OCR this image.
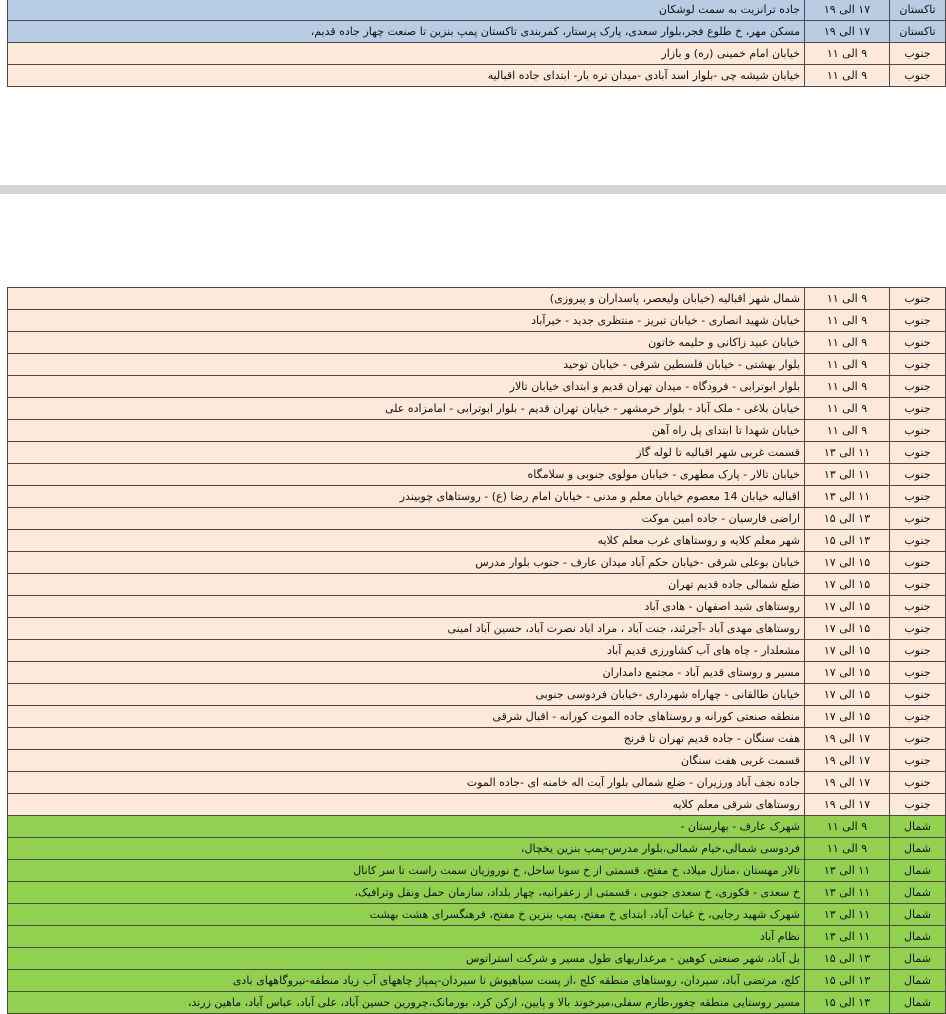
تاکستان	۱۷ الی ۱۹	جاده ترانزیت به سمت لوشکان
تاکستان	۱۷ الی ۱۹	مسکن مهر، خ طلوع فجر،بلوار سعدی، پارک پرستار، کمربندی تاکستان پمپ بنزین تا صنعت چهار جاده قدیم،
جنوب	۹ الی ۱۱	خیابان امام خمینی (ره) و بازار
جنوب	۹ الی ۱۱	خیابان شیشه چی -بلوار اسد آبادی -میدان تره بار- ابتدای جاده اقبالیه
جنوب	۹ الی ۱۱	شمال شهر اقبالیه (خیابان ولیعصر، پاسداران و پیروزی)
جنوب	۹ الی ۱۱	خیابان شهید انصاری - خیابان تبریز - منتظری جدید - خیرآباد
جنوب	۹ الی ۱۱	خیابان عبید زاکانی و حلیمه خاتون
جنوب	۹ الی ۱۱	بلوار بهشتی - خیابان فلسطین شرقی - خیابان توحید
جنوب	۹ الی ۱۱	بلوار ابوترابی - فرودگاه - میدان تهران قدیم و ابتدای خیابان تالار
جنوب	۹ الی ۱۱	خیابان بلاغی - ملک آباد - بلوار خرمشهر - خیابان تهران قدیم - بلوار ابوترابی - امامزاده علی
جنوب	۹ الی ۱۱	خیابان شهدا تا ابتدای پل راه آهن
جنوب	۱۱ الی ۱۳	قسمت غربی شهر اقبالیه تا لوله گاز
جنوب	۱۱ الی ۱۳	خیابان تالار - پارک مطهری - خیابان مولوی جنوبی و سلامگاه
جنوب	۱۱ الی ۱۳	اقبالیه خیابان 14 معصوم خیابان معلم و مدنی - خیابان امام رضا (ع) - روستاهای چوبیندر
جنوب	۱۳ الی ۱۵	اراضی فارسیان - جاده امین موکت
جنوب	۱۳ الی ۱۵	شهر معلم کلایه و روستاهای غرب معلم کلایه
جنوب	۱۵ الی ۱۷	خیابان بوعلی شرقی -خیابان حکم آباد میدان عارف - جنوب بلوار مدرس
جنوب	۱۵ الی ۱۷	ضلع شمالی جاده قدیم تهران
جنوب	۱۵ الی ۱۷	روستاهای شید اصفهان - هادی آباد
جنوب	۱۵ الی ۱۷	روستاهای مهدی آباد -آجرئند، جنت آباد ، مراد اباد نصرت آباد، حسین آباد امینی
جنوب	۱۵ الی ۱۷	مشعلدار - چاه های آب کشاورزی قدیم آباد
جنوب	۱۵ الی ۱۷	مسیر و روستای قدیم آباد - مجتمع دامداران
جنوب	۱۵ الی ۱۷	خیابان طالقانی - چهاراه شهرداری -خیابان فردوسی جنوبی
جنوب	۱۵ الی ۱۷	منطقه صنعتی کورانه و روستاهای جاده الموت کورانه - اقبال شرقی
جنوب	۱۷ الی ۱۹	هفت سنگان - جاده قدیم تهران تا فرنج
جنوب	۱۷ الی ۱۹	قسمت غربی هفت سنگان
جنوب	۱۷ الی ۱۹	جاده نجف آباد ورزیران - ضلع شمالی بلوار آیت اله خامنه ای -جاده الموت
جنوب	۱۷ الی ۱۹	روستاهای شرقی معلم کلایه
شمال	۹ الی ۱۱	شهرک عارف - بهارستان -
شمال	۹ الی ۱۱	فردوسی شمالی،خیام شمالی،بلوار مدرس-پمپ بنزین یخچال،
شمال	۱۱ الی ۱۳	تالار مهستان ،منازل میلاد، خ مفتح، قسمتی از خ سونا ساحل، خ نوروزیان سمت راست تا سر کانال
شمال	۱۱ الی ۱۳	خ سعدی - فکوری، خ سعدی جنوبی ، قسمتی از زعفرانیه، چهار بلداد، سازمان حمل ونقل وترافیک،
شمال	۱۱ الی ۱۳	شهرک شهید رجایی، خ غیاث آباد، ابتدای خ مفتح، پمپ بنزین خ مفتح، فرهنگسرای هشت بهشت
شمال	۱۱ الی ۱۳	نظام آباد
شمال	۱۳ الی ۱۵	بل آباد، شهر صنعتی کوهین - مرغداریهای طول مسیر و شرکت استراتوس
شمال	۱۳ الی ۱۵	کلج، مرتضی آباد، سیردان، روستاهای منطقه کلج ،از پست سیاهپوش تا سیردان-پمپاژ چاههای آب زیاد منطقه-نیروگاههای بادی
شمال	۱۳ الی ۱۵	مسیر روستایی منطقه چغور،طارم سفلی،میرخوند بالا و پایین، ارکن کرد، بورمانک،چرورین حسین آباد، علی آباد، عباس آباد، ماهین زرند،
